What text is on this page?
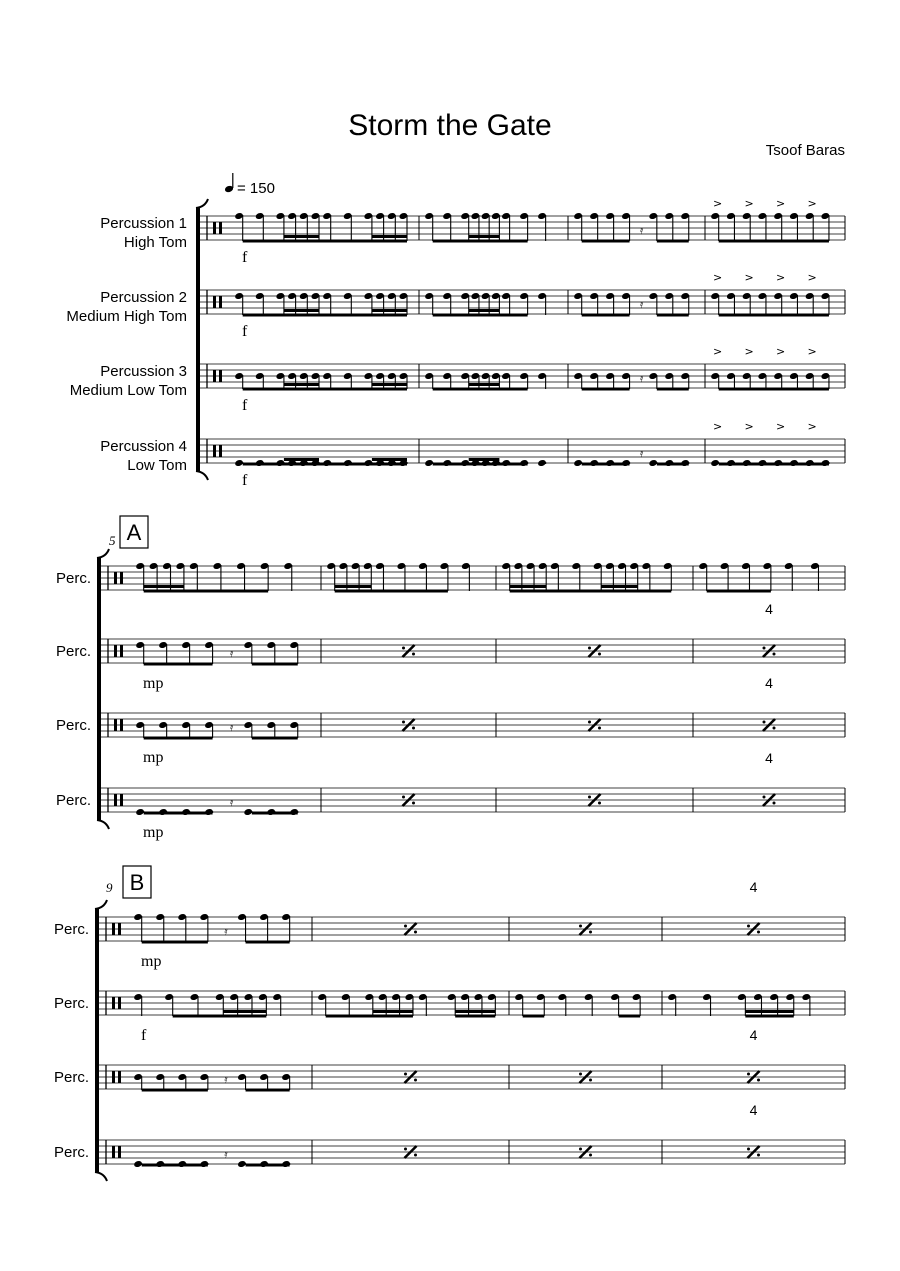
Storm the Gate
Tsoof Baras
= 150
Percussion 1
High Tom
f
𝄿
> > > >
Percussion 2
Medium High Tom
f
𝄿
> > > >
Percussion 3
Medium Low Tom
f
𝄿
> > > >
Percussion 4
Low Tom
f
𝄿
> > > >
5 A
Perc.
Perc.
mp
𝄿
4
Perc.
mp
𝄿
4
Perc.
mp
𝄿
4
9 B
Perc.
mp
𝄿
4
Perc.
f
Perc.	𝄿
4
Perc.	𝄿
4
